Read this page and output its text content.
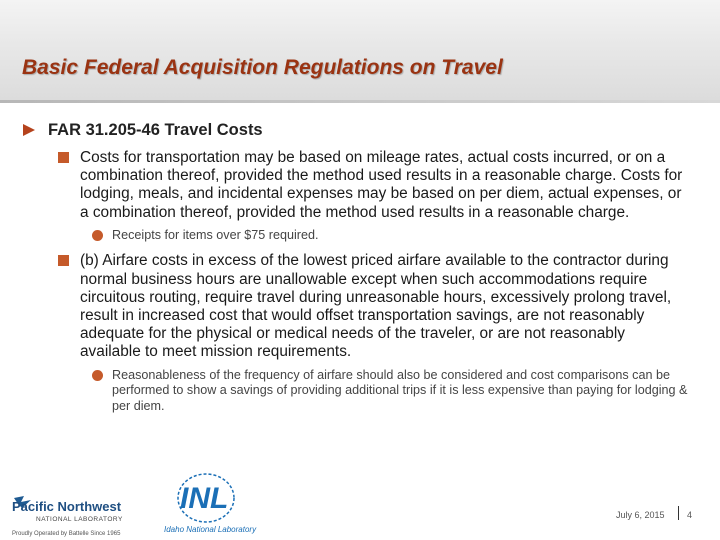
Basic Federal Acquisition Regulations on Travel
FAR 31.205-46 Travel Costs
Costs for transportation may be based on mileage rates, actual costs incurred, or on a combination thereof, provided the method used results in a reasonable charge. Costs for lodging, meals, and incidental expenses may be based on per diem, actual expenses, or a combination thereof, provided the method used results in a reasonable charge.
Receipts for items over $75 required.
(b) Airfare costs in excess of the lowest priced airfare available to the contractor during normal business hours are unallowable except when such accommodations require circuitous routing, require travel during unreasonable hours, excessively prolong travel, result in increased cost that would offset transportation savings, are not reasonably adequate for the physical or medical needs of the traveler, or are not reasonably available to meet mission requirements.
Reasonableness of the frequency of airfare should also be considered and cost comparisons can be performed to show a savings of providing additional trips if it is less expensive than paying for lodging & per diem.
Pacific Northwest
NATIONAL LABORATORY
Proudly Operated by Battelle Since 1965
INL
Idaho National Laboratory
July 6, 2015 4
